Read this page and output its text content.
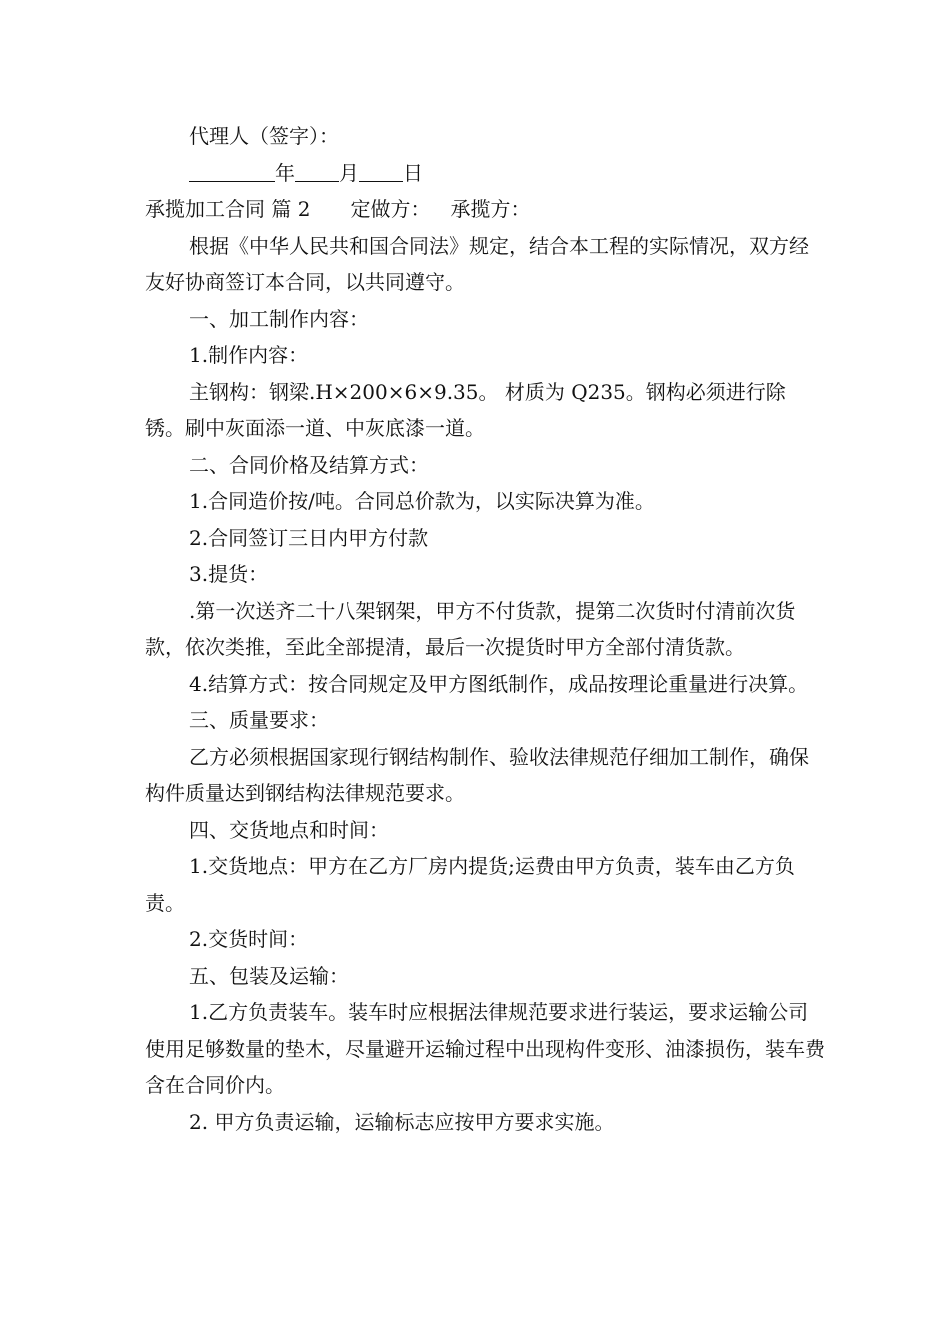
代理人（签字）：

年 月 日

承揽加工合同 篇 2 定做方： 承揽方：

根据《中华人民共和国合同法》规定，结合本工程的实际情况，双方经友好协商签订本合同，以共同遵守。

一、加工制作内容：

1.制作内容：

主钢构：钢梁.H×200×6×9.35。 材质为 Q235。钢构必须进行除锈。刷中灰面添一道、中灰底漆一道。

二、合同价格及结算方式：

1.合同造价按/吨。合同总价款为，以实际决算为准。

2.合同签订三日内甲方付款

3.提货：

.第一次送齐二十八架钢架，甲方不付货款，提第二次货时付清前次货款，依次类推，至此全部提清，最后一次提货时甲方全部付清货款。

4.结算方式：按合同规定及甲方图纸制作，成品按理论重量进行决算。

三、质量要求：

乙方必须根据国家现行钢结构制作、验收法律规范仔细加工制作，确保构件质量达到钢结构法律规范要求。

四、交货地点和时间：

1.交货地点：甲方在乙方厂房内提货;运费由甲方负责，装车由乙方负责。

2.交货时间：

五、包装及运输：

1.乙方负责装车。装车时应根据法律规范要求进行装运，要求运输公司使用足够数量的垫木，尽量避开运输过程中出现构件变形、油漆损伤，装车费含在合同价内。

2. 甲方负责运输，运输标志应按甲方要求实施。
